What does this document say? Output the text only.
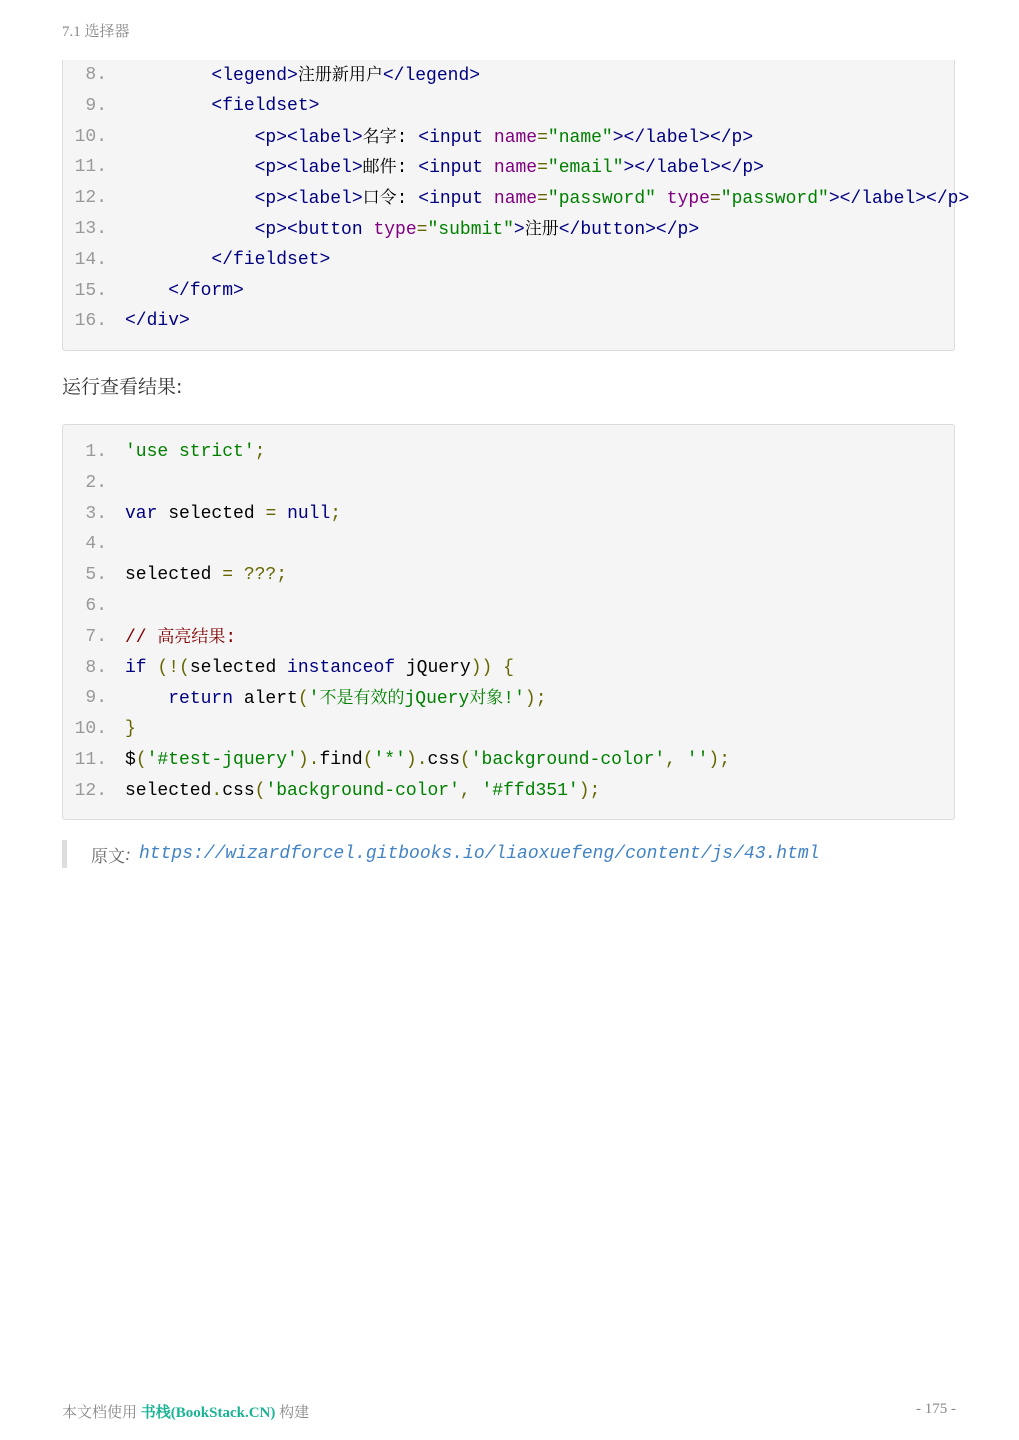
7.1 选择器
8.	<legend>注册新用户</legend>
9.	<fieldset>
10.	<p><label>名字: <input name="name"></label></p>
11.	<p><label>邮件: <input name="email"></label></p>
12.	<p><label>口令: <input name="password" type="password"></label></p>
13.	<p><button type="submit">注册</button></p>
14.	</fieldset>
15.	</form>
16. </div>
运行查看结果:
1. 'use strict';
2.
3. var selected = null;
4.
5. selected = ???;
6.
7. // 高亮结果:
8. if (!(selected instanceof jQuery)) {
9.	return alert('不是有效的jQuery对象!');
10. }
11. $('#test-jquery').find('*').css('background-color', '');
12. selected.css('background-color', '#ffd351');
原文 : https://wizardforcel.gitbooks.io/liaoxuefeng/content/js/43.html
本文档使用 书栈(BookStack.CN) 构建	- 175 -
